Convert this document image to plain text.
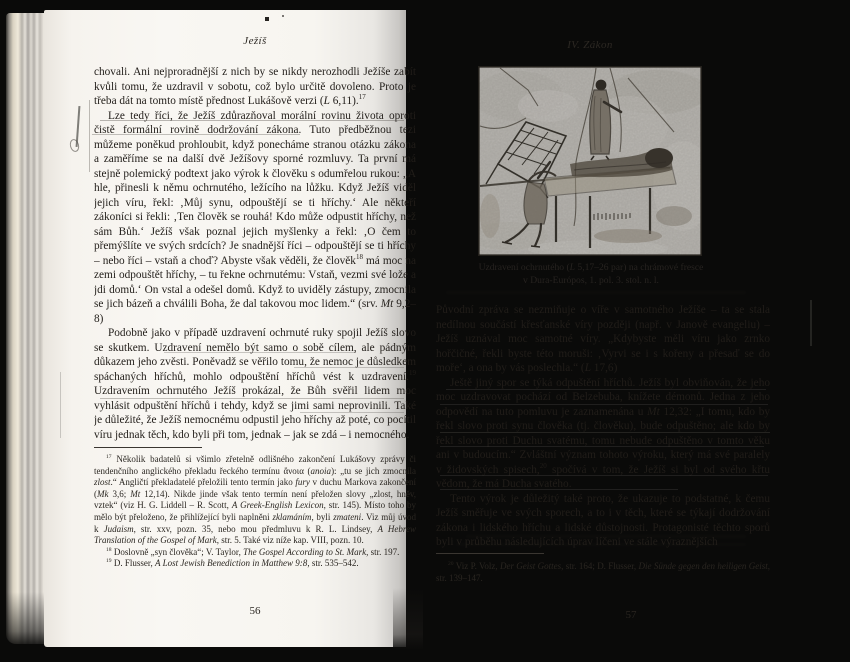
Ježíš

chovali. Ani nejproradnější z nich by se nikdy nerozhodli Ježíše zabít kvůli tomu, že uzdravil v sobotu, což bylo určitě dovoleno. Proto je třeba dát na tomto místě přednost Lukášově verzi (L 6,11).$^{17}$

Lze tedy říci, že Ježíš zdůrazňoval morální rovinu života oproti čistě formální rovině dodržování zákona. Tuto předběžnou tezi můžeme poněkud prohloubit, když ponecháme stranou otázku zákona a zaměříme se na další dvě Ježíšovy sporné rozmluvy. Ta první má stejně polemický podtext jako výrok k člověku s odumřelou rukou: „A hle, přinesli k němu ochrnutého, ležícího na lůžku. Když Ježíš viděl jejich víru, řekl: ‚Můj synu, odpouštějí se ti hříchy.‘ Ale někteří zákoníci si řekli: ‚Ten člověk se rouhá! Kdo může odpustit hříchy, než sám Bůh.‘ Ježíš však poznal jejich myšlenky a řekl: ‚O čem to přemýšlíte ve svých srdcích? Je snadnější říci – odpouštějí se ti hříchy – nebo říci – vstaň a choď? Abyste však věděli, že člověk$^{18}$ má moc na zemi odpouštět hříchy, – tu řekne ochrnutému: Vstaň, vezmi své lože a jdi domů.‘ On vstal a odešel domů. Když to uviděly zástupy, zmocnila se jich bázeň a chválili Boha, že dal takovou moc lidem.“ (srv. Mt 9,2–8)

Podobně jako v případě uzdravení ochrnuté ruky spojil Ježíš slovo se skutkem. Uzdravení nemělo být samo o sobě cílem, ale pádným důkazem jeho zvěsti. Poněvadž se věřilo tomu, že nemoc je důsledkem spáchaných hříchů, mohlo odpouštění hříchů vést k uzdravení.$^{19}$ Uzdravením ochrnutého Ježíš prokázal, že Bůh svěřil lidem moc vyhlásit odpuštění hříchů i tehdy, když se jimi sami neprovinili. Také je důležité, že Ježíš nemocnému odpustil jeho hříchy až poté, co pocítil víru jednak těch, kdo byli při tom, jednak – jak se zdá – i nemocného.

$^{17}$ Několik badatelů si všimlo zřetelně odlišného zakončení Lukášovy zprávy či tendenčního anglického překladu řeckého termínu ἄνοια (anoia): „tu se jich zmocnila zlost.“ Angličtí překladatelé přeložili tento termín jako fury v duchu Markova zakončení (Mk 3,6; Mt 12,14). Nikde jinde však tento termín není přeložen slovy „zlost, hněv, vztek“ (viz H. G. Liddell – R. Scott, A Greek-English Lexicon, str. 145). Místo toho by mělo být přeloženo, že přihlížející byli naplněni zklamáním, byli zmateni. Viz můj úvod k Judaism, str. xxv, pozn. 35, nebo mou předmluvu k R. L. Lindsey, A Hebrew Translation of the Gospel of Mark, str. 5. Také viz níže kap. VIII, pozn. 10.

$^{18}$ Doslovně „syn člověka“; V. Taylor, The Gospel According to St. Mark, str. 197.

$^{19}$ D. Flusser, A Lost Jewish Benediction in Matthew 9:8, str. 535–542.

56
IV. Zákon
Uzdravení ochrnutého (L 5,17–26 par) na chrámové fresce
v Dura-Európos, 1. pol. 3. stol. n. l.

Původní zpráva se nezmiňuje o víře v samotného Ježíše – ta se stala nedílnou součástí křesťanské víry později (např. v Janově evangeliu) – Ježíš uznával moc samotné víry. „Kdybyste měli víru jako zrnko hořčičné, řekli byste této moruši: ‚Vyrvi se i s kořeny a přesaď se do moře‘, a ona by vás poslechla.“ (L 17,6)

Ještě jiný spor se týká odpuštění hříchů. Ježíš byl obviňován, že jeho moc uzdravovat pochází od Belzebuba, knížete démonů. Jedna z jeho odpovědí na tuto pomluvu je zaznamenána u Mt 12,32: „I tomu, kdo by řekl slovo proti synu člověka (tj. člověku), bude odpuštěno; ale kdo by řekl slovo proti Duchu svatému, tomu nebude odpuštěno v tomto věku ani v budoucím.“ Zvláštní význam tohoto výroku, který má své paralely v židovských spisech,$^{20}$ spočívá v tom, že Ježíš si byl od svého křtu vědom, že má Ducha svatého.

Tento výrok je důležitý také proto, že ukazuje to podstatné, k čemu Ježíš směřuje ve svých sporech, a to i v těch, které se týkají dodržování zákona i lidského hříchu a lidské důstojnosti. Protagonisté těchto sporů byli v průběhu následujících úprav líčeni ve stále výraznějších

$^{20}$ Viz P. Volz, Der Geist Gottes, str. 164; D. Flusser, Die Sünde gegen den heiligen Geist, str. 139–147.

57
